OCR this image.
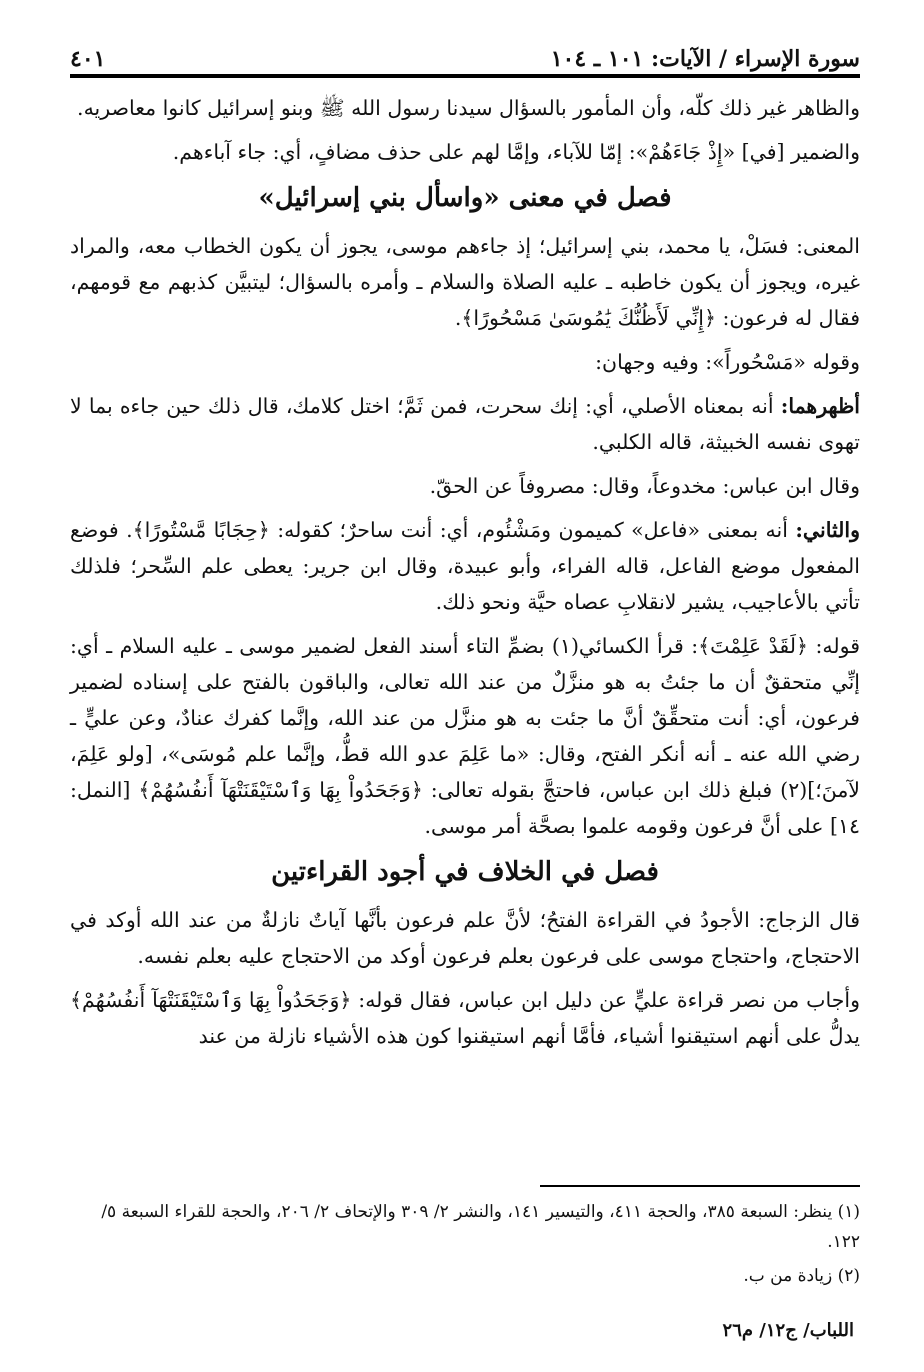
سورة الإسراء / الآيات: ١٠١ ـ ١٠٤
٤٠١

والظاهر غير ذلك كلّه، وأن المأمور بالسؤال سيدنا رسول الله ﷺ وبنو إسرائيل كانوا معاصريه.

والضمير [في] «إِذْ جَاءَهُمْ»: إمّا للآباء، وإمَّا لهم على حذف مضافٍ، أي: جاء آباءهم.

فصل في معنى «واسأل بني إسرائيل»

المعنى: فسَلْ، يا محمد، بني إسرائيل؛ إذ جاءهم موسى، يجوز أن يكون الخطاب معه، والمراد غيره، ويجوز أن يكون خاطبه ـ عليه الصلاة والسلام ـ وأمره بالسؤال؛ ليتبيَّن كذبهم مع قومهم، فقال له فرعون: ﴿إِنِّي لَأَظُنُّكَ يَٰمُوسَىٰ مَسْحُورًا﴾.

وقوله «مَسْحُوراً»: وفيه وجهان:

أظهرهما: أنه بمعناه الأصلي، أي: إنك سحرت، فمن ثَمَّ؛ اختل كلامك، قال ذلك حين جاءه بما لا تهوى نفسه الخبيثة، قاله الكلبي.

وقال ابن عباس: مخدوعاً، وقال: مصروفاً عن الحقّ.

والثاني: أنه بمعنى «فاعل» كميمون ومَشْئُوم، أي: أنت ساحرٌ؛ كقوله: ﴿حِجَابًا مَّسْتُورًا﴾. فوضع المفعول موضع الفاعل، قاله الفراء، وأبو عبيدة، وقال ابن جرير: يعطى علم السِّحر؛ فلذلك تأتي بالأعاجيب، يشير لانقلابِ عصاه حيَّة ونحو ذلك.

قوله: ﴿لَقَدْ عَلِمْتَ﴾: قرأ الكسائي(١) بضمِّ التاء أسند الفعل لضمير موسى ـ عليه السلام ـ أي: إنِّي متحققٌ أن ما جئتُ به هو منزَّلٌ من عند الله تعالى، والباقون بالفتح على إسناده لضمير فرعون، أي: أنت متحقِّقٌ أنَّ ما جئت به هو منزَّل من عند الله، وإنَّما كفرك عنادٌ، وعن عليٍّ ـ رضي الله عنه ـ أنه أنكر الفتح، وقال: «ما عَلِمَ عدو الله قطُّ، وإنَّما علم مُوسَى»، [ولو عَلِمَ، لآمنَ؛](٢) فبلغ ذلك ابن عباس، فاحتجَّ بقوله تعالى: ﴿وَجَحَدُواْ بِهَا وَٱسْتَيْقَنَتْهَآ أَنفُسُهُمْ﴾ [النمل: ١٤] على أنَّ فرعون وقومه علموا بصحَّة أمر موسى.

فصل في الخلاف في أجود القراءتين

قال الزجاج: الأجودُ في القراءة الفتحُ؛ لأنَّ علم فرعون بأنَّها آياتٌ نازلةٌ من عند الله أوكد في الاحتجاج، واحتجاج موسى على فرعون بعلم فرعون أوكد من الاحتجاج عليه بعلم نفسه.

وأجاب من نصر قراءة عليٍّ عن دليل ابن عباس، فقال قوله: ﴿وَجَحَدُواْ بِهَا وَٱسْتَيْقَنَتْهَآ أَنفُسُهُمْ﴾ يدلُّ على أنهم استيقنوا أشياء، فأمَّا أنهم استيقنوا كون هذه الأشياء نازلة من عند

(١) ينظر: السبعة ٣٨٥، والحجة ٤١١، والتيسير ١٤١، والنشر ٢/ ٣٠٩ والإتحاف ٢/ ٢٠٦، والحجة للقراء السبعة ٥/ ١٢٢.

(٢) زيادة من ب.

اللباب/ ج١٢/ م٢٦
